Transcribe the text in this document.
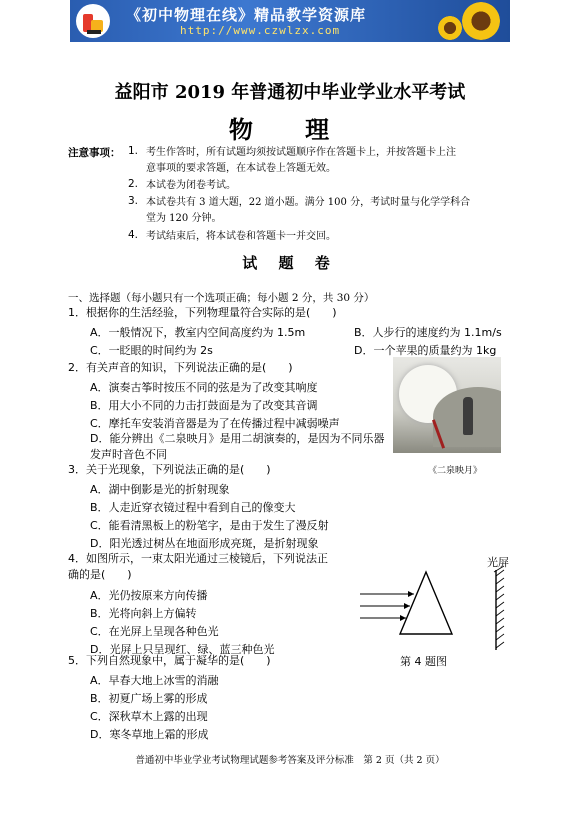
《初中物理在线》精品教学资源库
http://www.czwlzx.com
益阳市 2019 年普通初中毕业学业水平考试
物 理
注意事项： 1. 考生作答时，所有试题均须按试题顺序作在答题卡上，并按答题卡上注
意事项的要求答题，在本试卷上答题无效。
2. 本试卷为闭卷考试。
3. 本试卷共有 3 道大题，22 道小题。满分 100 分，考试时量与化学学科合
堂为 120 分钟。
4. 考试结束后，将本试卷和答题卡一并交回。
试 题 卷
一、选择题（每小题只有一个选项正确；每小题 2 分，共 30 分）
1．根据你的生活经验，下列物理量符合实际的是(　　)
A．一般情况下，教室内空间高度约为 1.5m	B．人步行的速度约为 1.1m/s
C．一眨眼的时间约为 2s	D．一个苹果的质量约为 1kg
2．有关声音的知识，下列说法正确的是(　　)
A．演奏古筝时按压不同的弦是为了改变其响度
B．用大小不同的力击打鼓面是为了改变其音调
C．摩托车安装消音器是为了在传播过程中减弱噪声
D．能分辨出《二泉映月》是用二胡演奏的，是因为不同乐器发声时音色不同
《二泉映月》
3．关于光现象，下列说法正确的是(　　)
A．湖中倒影是光的折射现象
B．人走近穿衣镜过程中看到自己的像变大
C．能看清黑板上的粉笔字，是由于发生了漫反射
D．阳光透过树丛在地面形成亮斑，是折射现象
4．如图所示，一束太阳光通过三棱镜后，下列说法正
确的是(　　)
A．光仍按原来方向传播
B．光将向斜上方偏转
C．在光屏上呈现各种色光
D．光屏上只呈现红、绿、蓝三种色光
光屏
第 4 题图
5．下列自然现象中，属于凝华的是(　　)
A．早春大地上冰雪的消融
B．初夏广场上雾的形成
C．深秋草木上露的出现
D．寒冬草地上霜的形成
普通初中毕业学业考试物理试题参考答案及评分标准　第 2 页（共 2 页）
